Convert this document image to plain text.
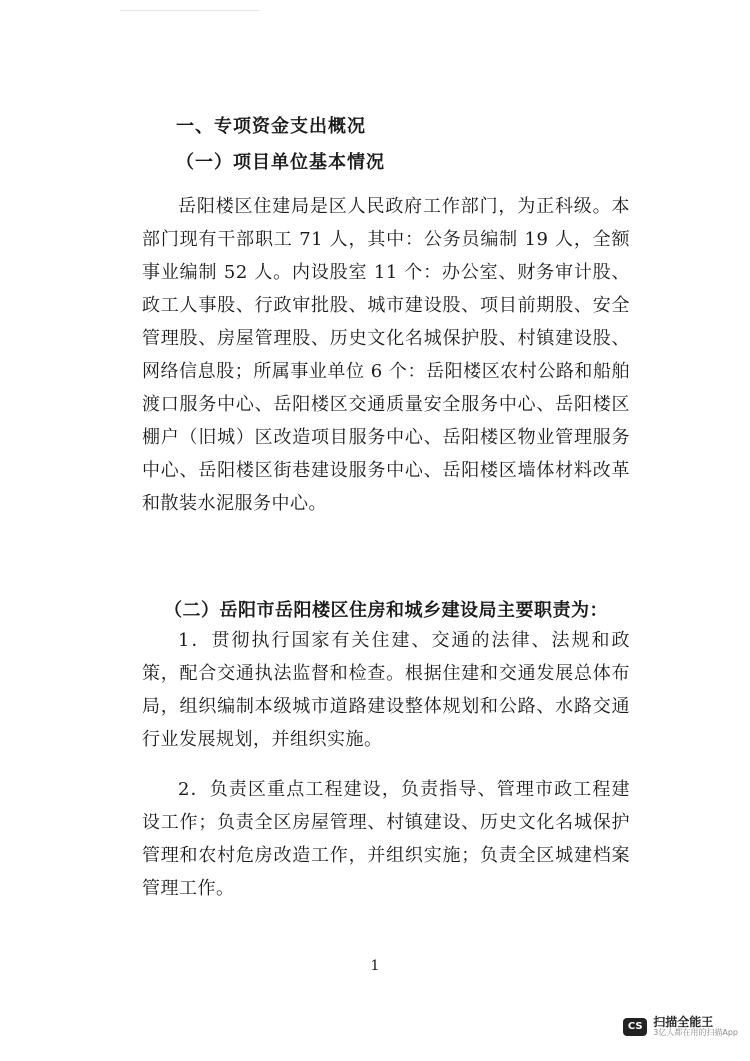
一、专项资金支出概况
（一）项目单位基本情况

岳阳楼区住建局是区人民政府工作部门，为正科级。本部门现有干部职工 71 人，其中：公务员编制 19 人，全额事业编制 52 人。内设股室 11 个：办公室、财务审计股、政工人事股、行政审批股、城市建设股、项目前期股、安全管理股、房屋管理股、历史文化名城保护股、村镇建设股、网络信息股；所属事业单位 6 个：岳阳楼区农村公路和船舶渡口服务中心、岳阳楼区交通质量安全服务中心、岳阳楼区棚户（旧城）区改造项目服务中心、岳阳楼区物业管理服务中心、岳阳楼区街巷建设服务中心、岳阳楼区墙体材料改革和散装水泥服务中心。

（二）岳阳市岳阳楼区住房和城乡建设局主要职责为：

1．贯彻执行国家有关住建、交通的法律、法规和政策，配合交通执法监督和检查。根据住建和交通发展总体布局，组织编制本级城市道路建设整体规划和公路、水路交通行业发展规划，并组织实施。

2．负责区重点工程建设，负责指导、管理市政工程建设工作；负责全区房屋管理、村镇建设、历史文化名城保护管理和农村危房改造工作，并组织实施；负责全区城建档案管理工作。

1
CS 扫描全能王
3亿人都在用的扫描App
